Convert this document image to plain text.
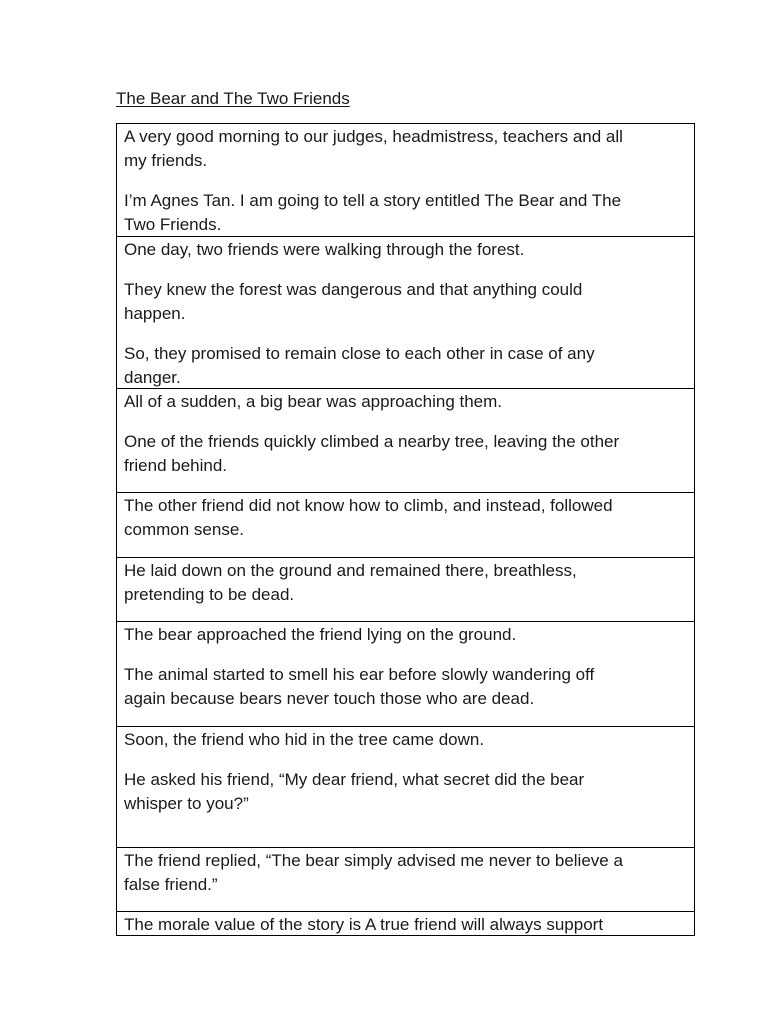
The Bear and The Two Friends

A very good morning to our judges, headmistress, teachers and all
my friends.

I’m Agnes Tan. I am going to tell a story entitled The Bear and The
Two Friends.

One day, two friends were walking through the forest.

They knew the forest was dangerous and that anything could
happen.

So, they promised to remain close to each other in case of any
danger.

All of a sudden, a big bear was approaching them.

One of the friends quickly climbed a nearby tree, leaving the other
friend behind.

The other friend did not know how to climb, and instead, followed
common sense.

He laid down on the ground and remained there, breathless,
pretending to be dead.

The bear approached the friend lying on the ground.

The animal started to smell his ear before slowly wandering off
again because bears never touch those who are dead.

Soon, the friend who hid in the tree came down.

He asked his friend, “My dear friend, what secret did the bear
whisper to you?”

The friend replied, “The bear simply advised me never to believe a
false friend.”

The morale value of the story is A true friend will always support
